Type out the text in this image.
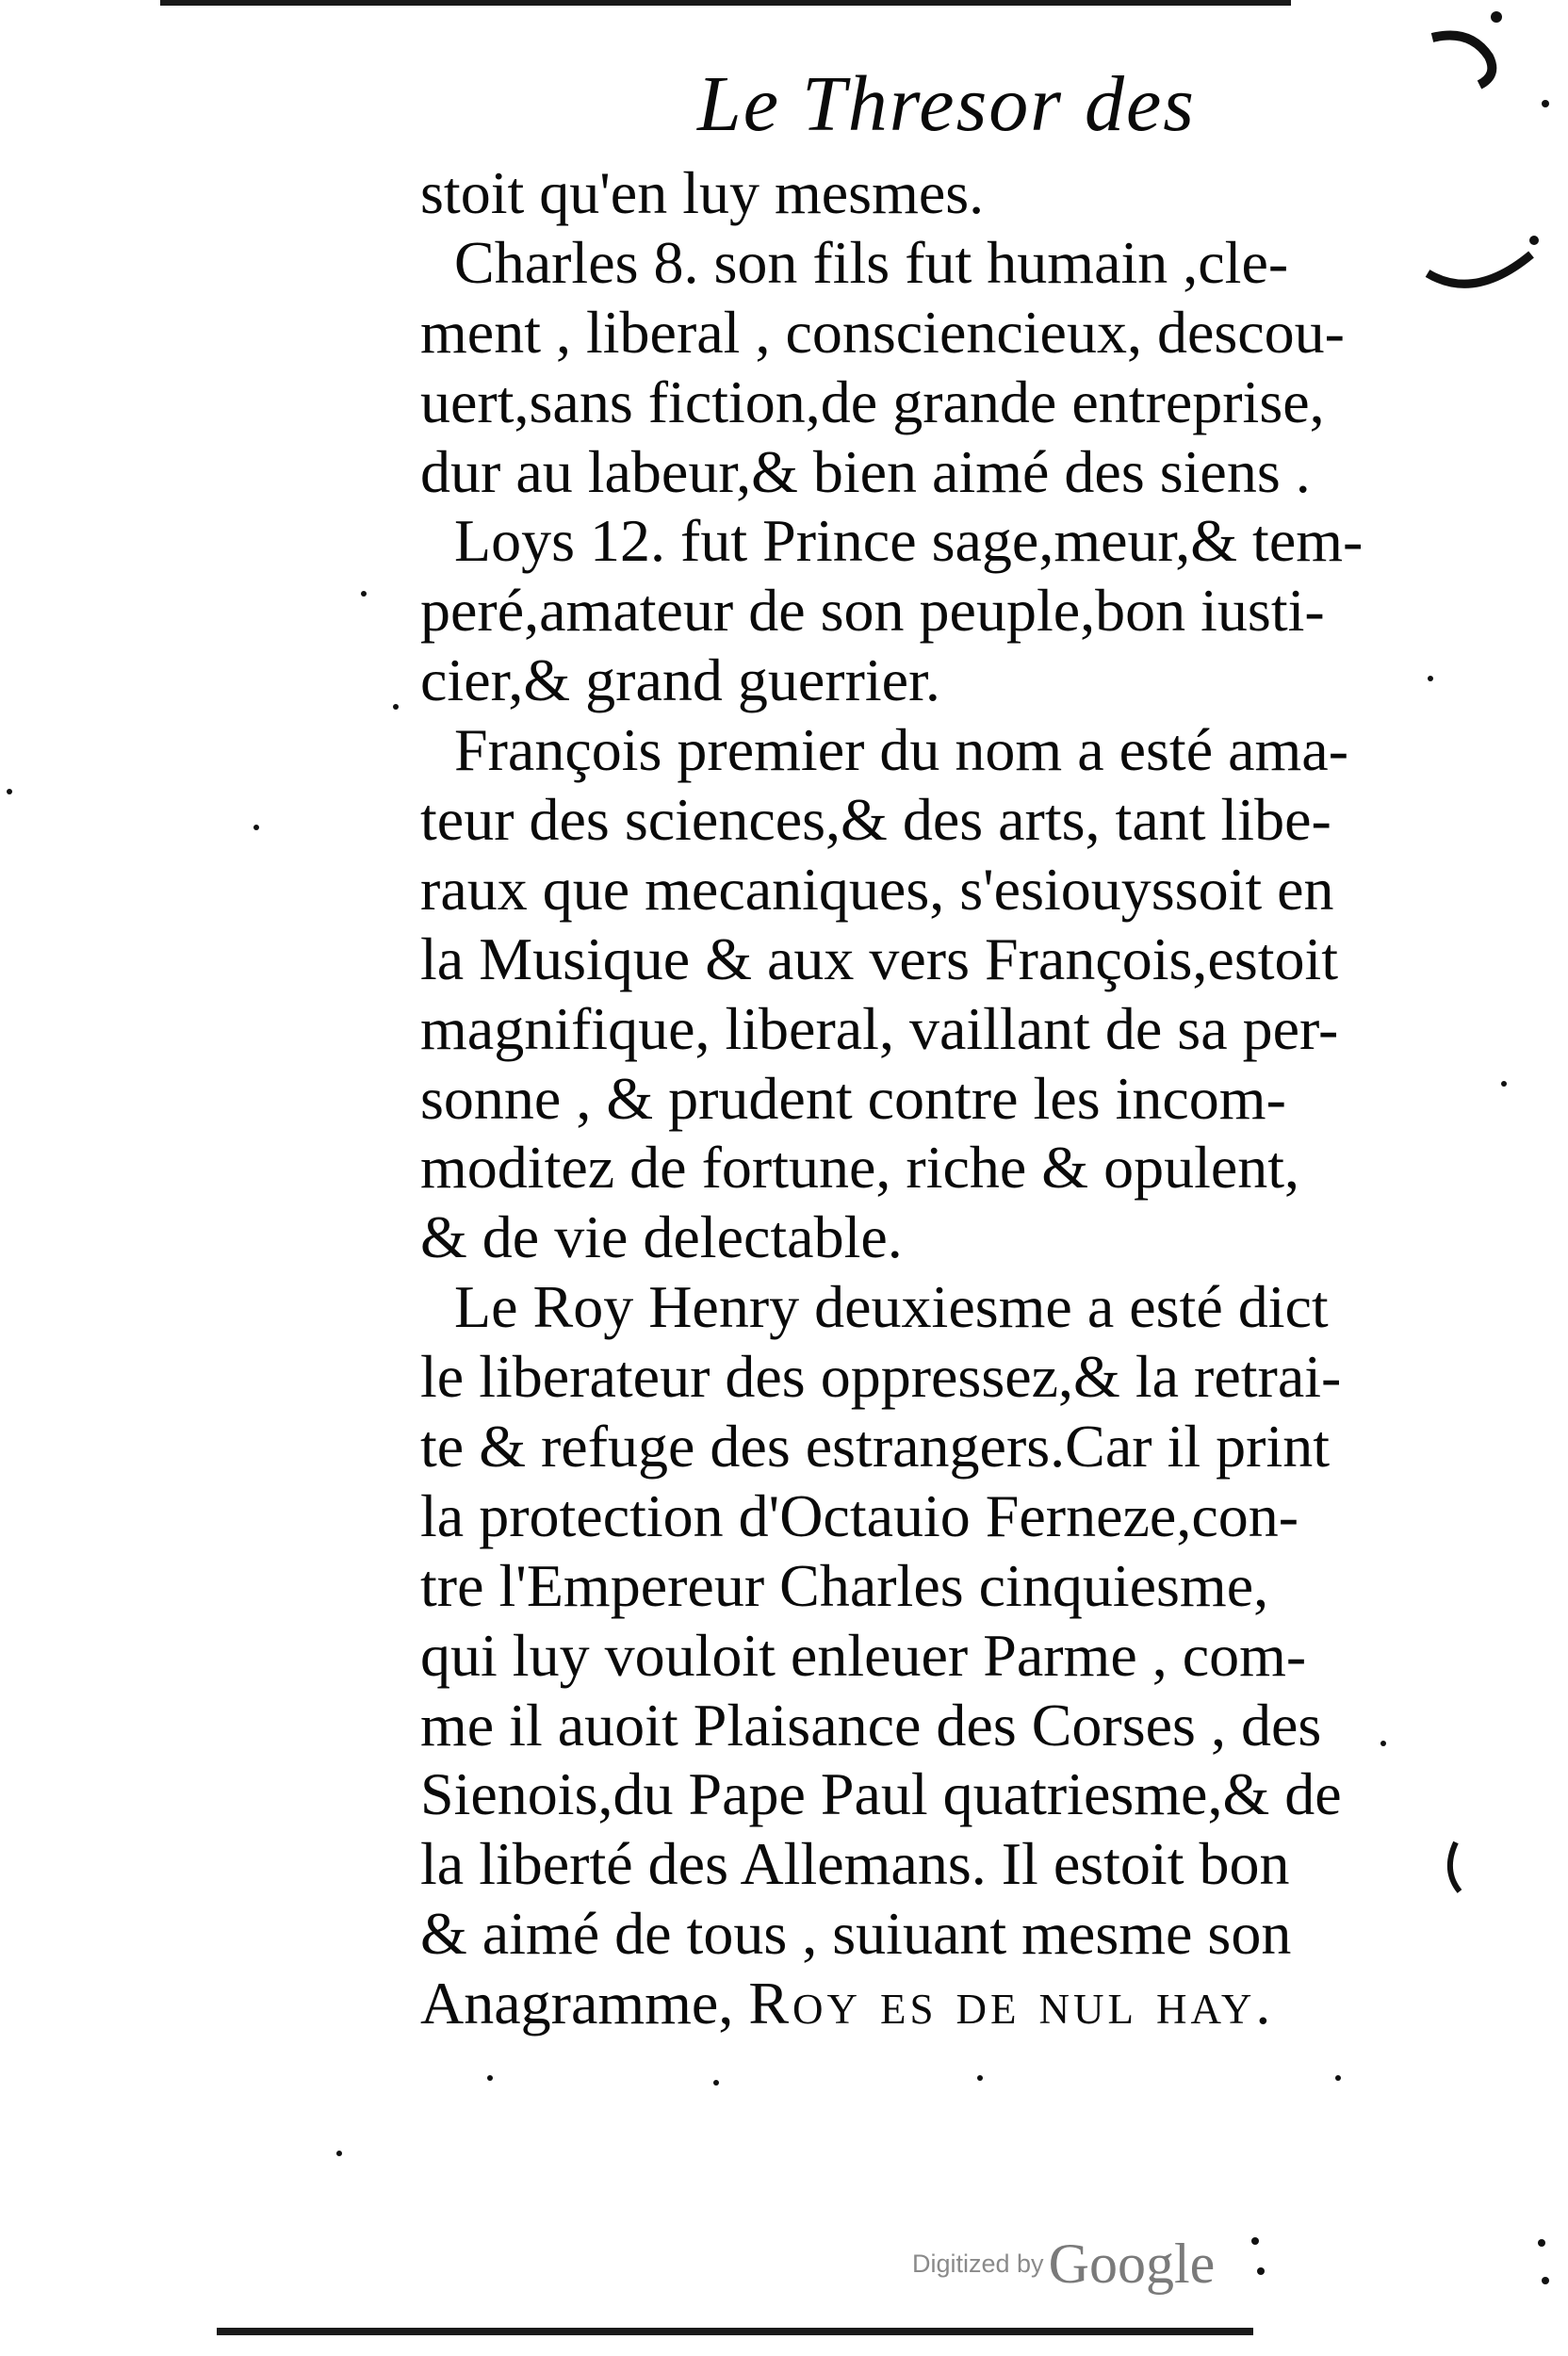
Le Thresor des
stoit qu'en luy mesmes.
Charles 8. son fils fut humain ,cle-
ment , liberal , consciencieux, descou-
uert,sans fiction,de grande entreprise,
dur au labeur,& bien aimé des siens .
Loys 12. fut Prince sage,meur,& tem-
peré,amateur de son peuple,bon iusti-
cier,& grand guerrier.
François premier du nom a esté ama-
teur des sciences,& des arts, tant libe-
raux que mecaniques, s'esiouyssoit en
la Musique & aux vers François,estoit
magnifique, liberal, vaillant de sa per-
sonne , & prudent contre les incom-
moditez de fortune, riche & opulent,
& de vie delectable.
Le Roy Henry deuxiesme a esté dict
le liberateur des oppressez,& la retrai-
te & refuge des estrangers.Car il print
la protection d'Octauio Ferneze,con-
tre l'Empereur Charles cinquiesme,
qui luy vouloit enleuer Parme , com-
me il auoit Plaisance des Corses , des
Sienois,du Pape Paul quatriesme,& de
la liberté des Allemans. Il estoit bon
& aimé de tous , suiuant mesme son
Anagramme, Roy es de nul hay.
Digitized by Google
